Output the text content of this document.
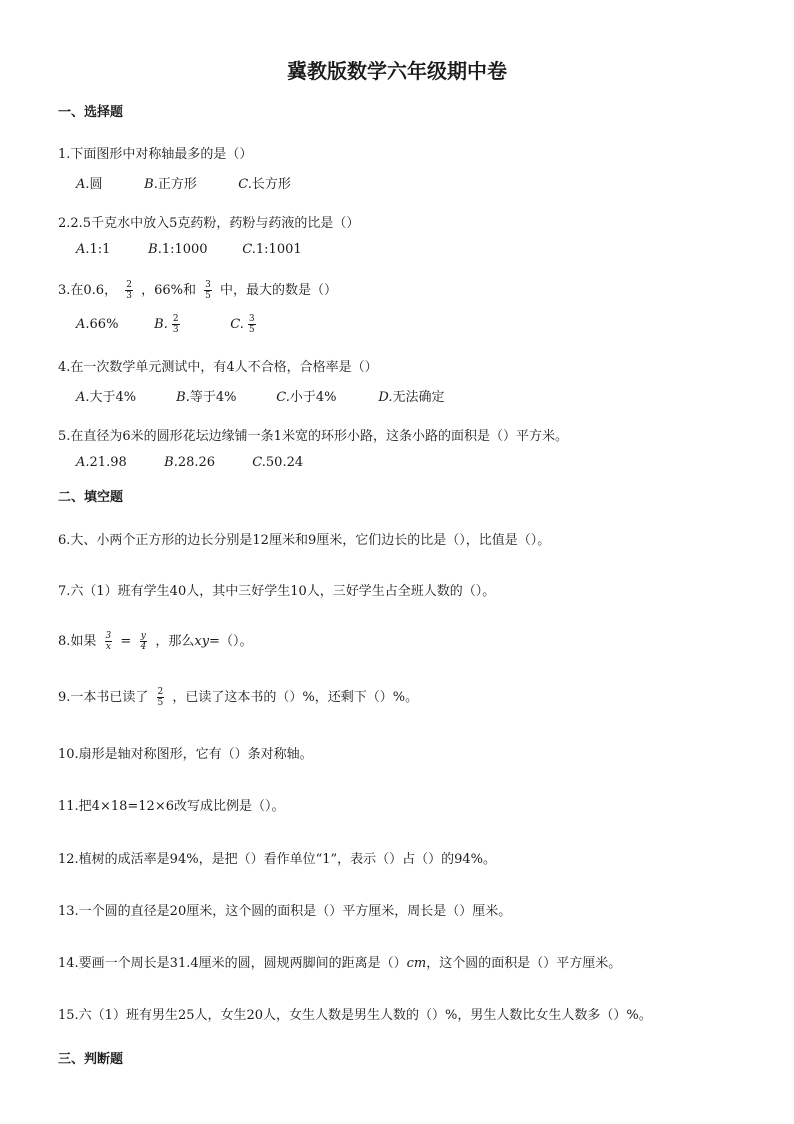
冀教版数学六年级期中卷
一、选择题
1.下面图形中对称轴最多的是（）
A.圆	B.正方形	C.长方形
2.2.5千克水中放入5克药粉，药粉与药液的比是（）
A.1:1	B.1:1000	C.1:1001
3.在0.6， $\frac{2}{3}$ ，66%和 $\frac{3}{5}$ 中，最大的数是（）
A.66%	B. $\frac{2}{3}$	C. $\frac{3}{5}$
4.在一次数学单元测试中，有4人不合格，合格率是（）
A.大于4%	B.等于4%	C.小于4%	D.无法确定
5.在直径为6米的圆形花坛边缘铺一条1米宽的环形小路，这条小路的面积是（）平方米。
A.21.98	B.28.26	C.50.24
二、填空题
6.大、小两个正方形的边长分别是12厘米和9厘米，它们边长的比是（），比值是（）。
7.六（1）班有学生40人，其中三好学生10人，三好学生占全班人数的（）。
8.如果 $\frac{3}{x} = \frac{y}{4}$ ，那么xy=（）。
9.一本书已读了 $\frac{2}{5}$ ，已读了这本书的（）%，还剩下（）%。
10.扇形是轴对称图形，它有（）条对称轴。
11.把4×18=12×6改写成比例是（）。
12.植树的成活率是94%，是把（）看作单位“1”，表示（）占（）的94%。
13.一个圆的直径是20厘米，这个圆的面积是（）平方厘米，周长是（）厘米。
14.要画一个周长是31.4厘米的圆，圆规两脚间的距离是（）cm，这个圆的面积是（）平方厘米。
15.六（1）班有男生25人，女生20人，女生人数是男生人数的（）%，男生人数比女生人数多（）%。
三、判断题
